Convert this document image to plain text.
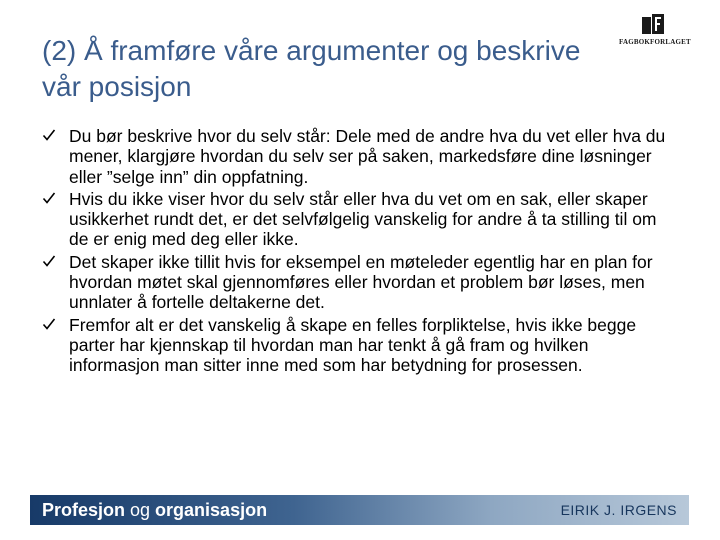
(2) Å framføre våre argumenter og beskrive vår posisjon
FAGBOKFORLAGET
Du bør beskrive hvor du selv står: Dele med de andre hva du vet eller hva du mener, klargjøre hvordan du selv ser på saken, markedsføre dine løsninger eller ”selge inn” din oppfatning.
Hvis du ikke viser hvor du selv står eller hva du vet om en sak, eller skaper usikkerhet rundt det, er det selvfølgelig vanskelig for andre å ta stilling til om de er enig med deg eller ikke.
Det skaper ikke tillit hvis for eksempel en møteleder egentlig har en plan for hvordan møtet skal gjennomføres eller hvordan et problem bør løses, men unnlater å fortelle deltakerne det.
Fremfor alt er det vanskelig å skape en felles forpliktelse, hvis ikke begge parter har kjennskap til hvordan man har tenkt å gå fram og hvilken informasjon man sitter inne med som har betydning for prosessen.
Profesjon og organisasjon	EIRIK J. IRGENS
